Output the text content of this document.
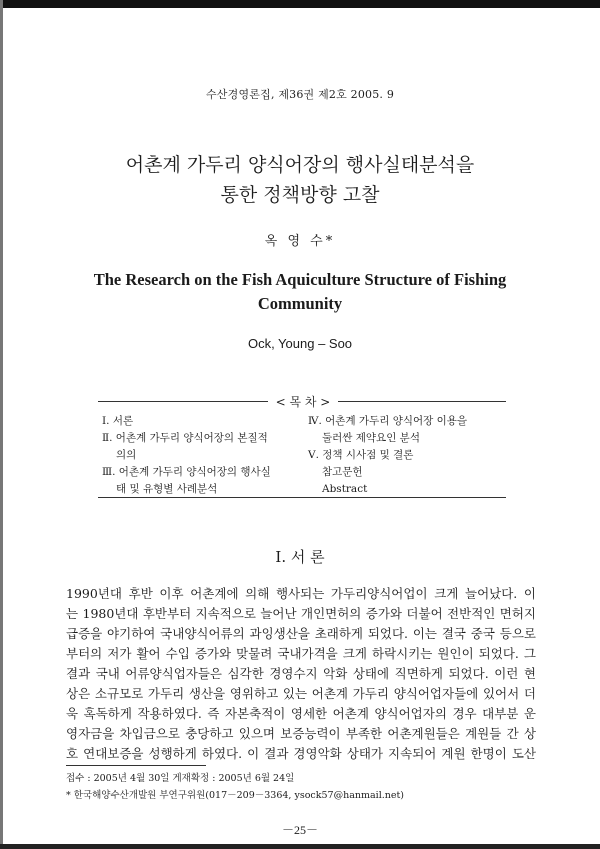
수산경영론집, 제36권 제2호 2005. 9
어촌계 가두리 양식어장의 행사실태분석을
통한 정책방향 고찰
옥 영 수*
The Research on the Fish Aquiculture Structure of Fishing
Community
Ock, Young – Soo
< 목 차 >
Ⅰ. 서론
Ⅱ. 어촌계 가두리 양식어장의 본질적
의의
Ⅲ. 어촌계 가두리 양식어장의 행사실
태 및 유형별 사례분석
Ⅳ. 어촌계 가두리 양식어장 이용을
둘러싼 제약요인 분석
Ⅴ. 정책 시사점 및 결론
참고문헌
Abstract
Ⅰ. 서 론
1990년대 후반 이후 어촌계에 의해 행사되는 가두리양식어업이 크게 늘어났다. 이
는 1980년대 후반부터 지속적으로 늘어난 개인면허의 증가와 더불어 전반적인 면허지
급증을 야기하여 국내양식어류의 과잉생산을 초래하게 되었다. 이는 결국 중국 등으로
부터의 저가 활어 수입 증가와 맞물려 국내가격을 크게 하락시키는 원인이 되었다. 그
결과 국내 어류양식업자들은 심각한 경영수지 악화 상태에 직면하게 되었다. 이런 현
상은 소규모로 가두리 생산을 영위하고 있는 어촌계 가두리 양식어업자들에 있어서 더
욱 혹독하게 작용하였다. 즉 자본축적이 영세한 어촌계 양식어업자의 경우 대부분 운
영자금을 차입금으로 충당하고 있으며 보증능력이 부족한 어촌계원들은 계원들 간 상
호 연대보증을 성행하게 하였다. 이 결과 경영악화 상태가 지속되어 계원 한명이 도산
접수 : 2005년 4월 30일 게재확정 : 2005년 6월 24일
* 한국해양수산개발원 부연구위원(017－209－3364, ysock57@hanmail.net)
－25－
